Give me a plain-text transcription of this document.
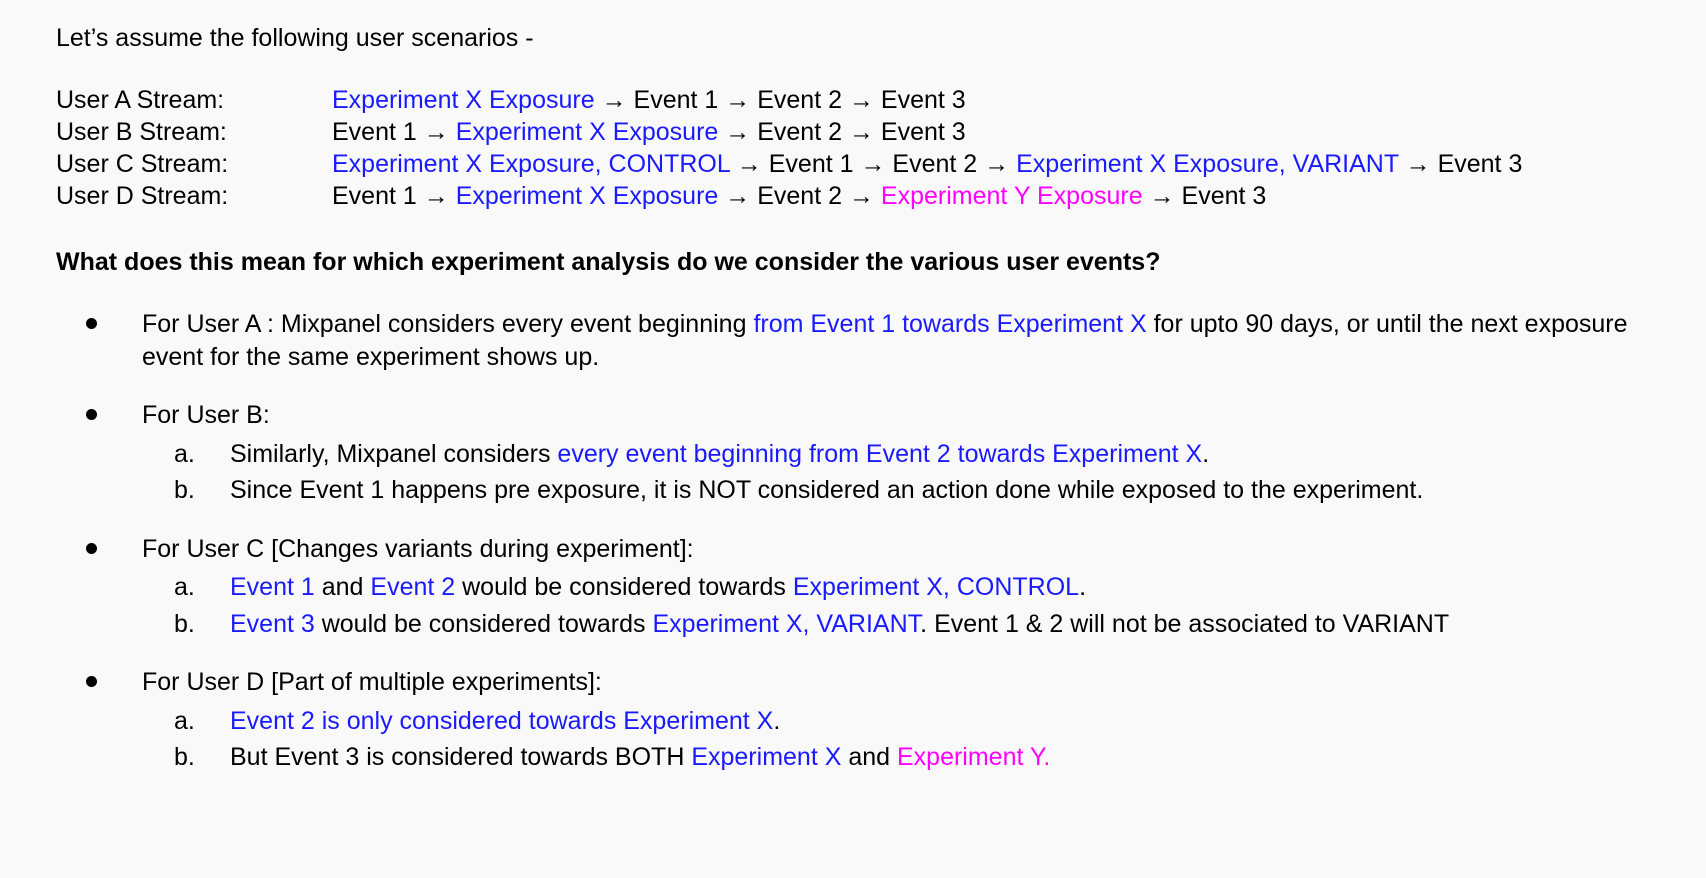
Let’s assume the following user scenarios -
User A Stream:	Experiment X Exposure → Event 1 → Event 2 → Event 3
User B Stream:	Event 1 → Experiment X Exposure → Event 2 → Event 3
User C Stream:	Experiment X Exposure, CONTROL → Event 1 → Event 2 → Experiment X Exposure, VARIANT → Event 3
User D Stream:	Event 1 → Experiment X Exposure → Event 2 → Experiment Y Exposure → Event 3
What does this mean for which experiment analysis do we consider the various user events?
For User A : Mixpanel considers every event beginning from Event 1 towards Experiment X for upto 90 days, or until the next exposure event for the same experiment shows up.
For User B:
a. Similarly, Mixpanel considers every event beginning from Event 2 towards Experiment X.
b. Since Event 1 happens pre exposure, it is NOT considered an action done while exposed to the experiment.
For User C [Changes variants during experiment]:
a. Event 1 and Event 2 would be considered towards Experiment X, CONTROL.
b. Event 3 would be considered towards Experiment X, VARIANT. Event 1 & 2 will not be associated to VARIANT
For User D [Part of multiple experiments]:
a. Event 2 is only considered towards Experiment X.
b. But Event 3 is considered towards BOTH Experiment X and Experiment Y.
